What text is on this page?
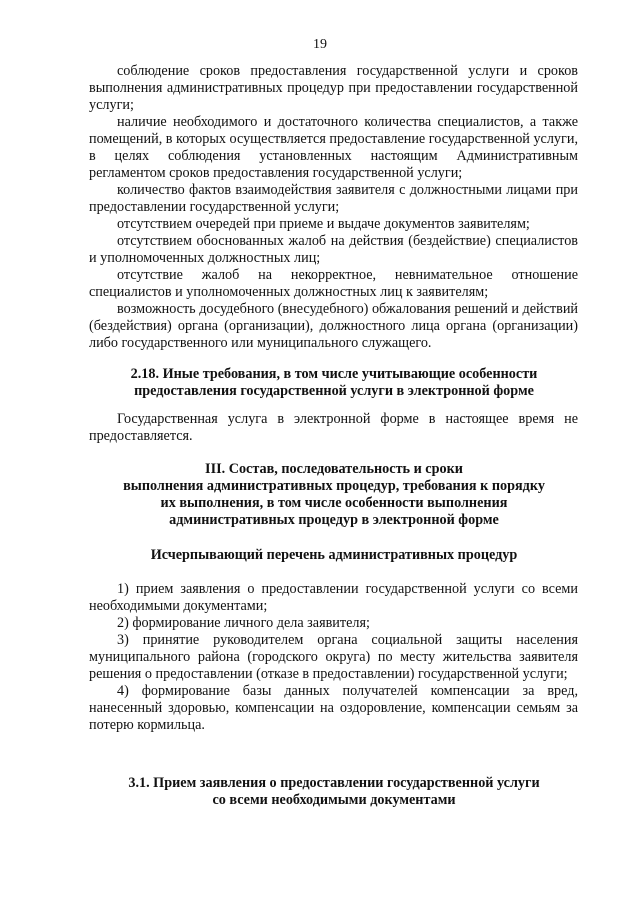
19

соблюдение сроков предоставления государственной услуги и сроков выполнения административных процедур при предоставлении государственной услуги;

наличие необходимого и достаточного количества специалистов, а также помещений, в которых осуществляется предоставление государственной услуги, в целях соблюдения установленных настоящим Административным регламентом сроков предоставления государственной услуги;

количество фактов взаимодействия заявителя с должностными лицами при предоставлении государственной услуги;

отсутствием очередей при приеме и выдаче документов заявителям;

отсутствием обоснованных жалоб на действия (бездействие) специалистов и уполномоченных должностных лиц;

отсутствие жалоб на некорректное, невнимательное отношение специалистов и уполномоченных должностных лиц к заявителям;

возможность досудебного (внесудебного) обжалования решений и действий (бездействия) органа (организации), должностного лица органа (организации) либо государственного или муниципального служащего.

2.18. Иные требования, в том числе учитывающие особенности
предоставления государственной услуги в электронной форме

Государственная услуга в электронной форме в настоящее время не предоставляется.

III. Состав, последовательность и сроки
выполнения административных процедур, требования к порядку
их выполнения, в том числе особенности выполнения
административных процедур в электронной форме
Исчерпывающий перечень административных процедур

1) прием заявления о предоставлении государственной услуги со всеми необходимыми документами;

2) формирование личного дела заявителя;

3) принятие руководителем органа социальной защиты населения муниципального района (городского округа) по месту жительства заявителя решения о предоставлении (отказе в предоставлении) государственной услуги;

4) формирование базы данных получателей компенсации за вред, нанесенный здоровью, компенсации на оздоровление, компенсации семьям за потерю кормильца.

3.1. Прием заявления о предоставлении государственной услуги
со всеми необходимыми документами
